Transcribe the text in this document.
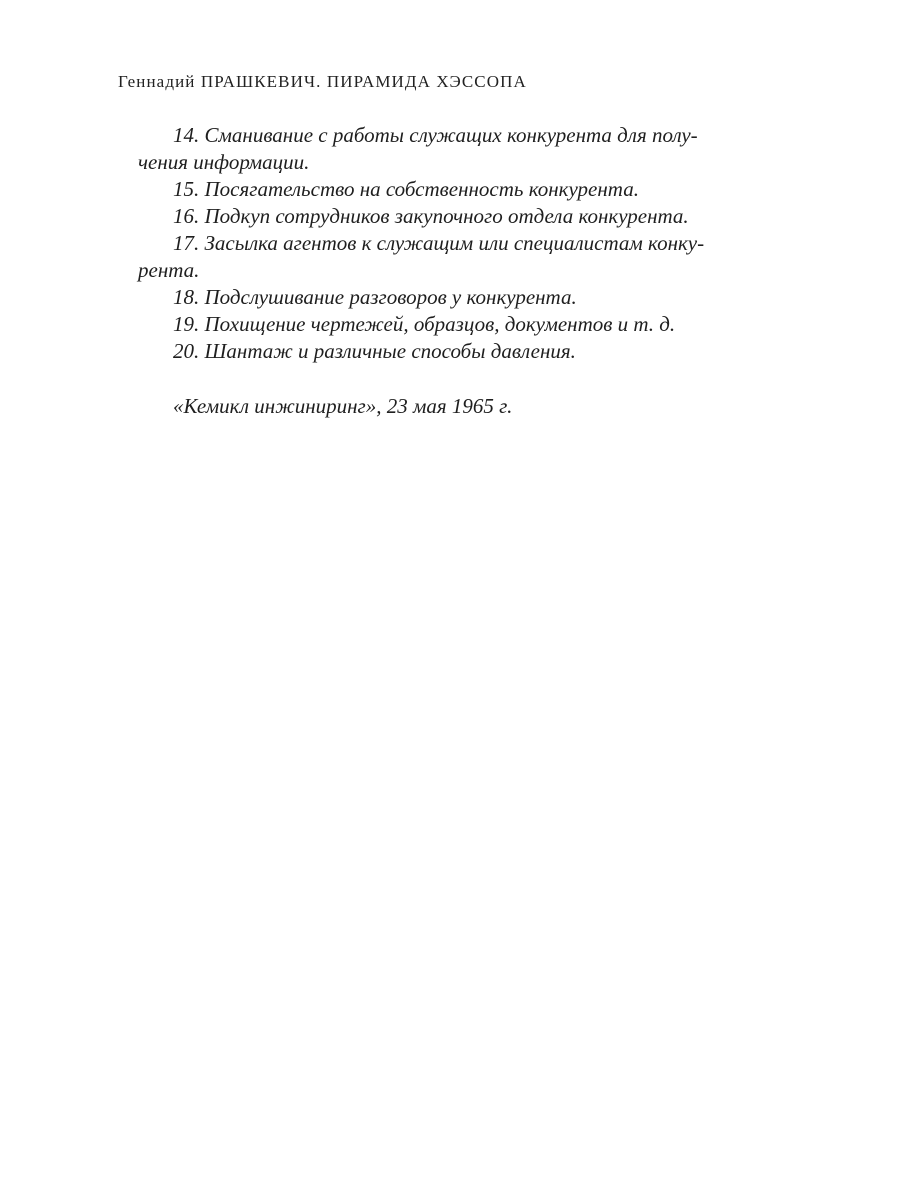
Геннадий ПРАШКЕВИЧ. ПИРАМИДА ХЭССОПА
14. Сманивание с работы служащих конкурента для полу-
чения информации.
15. Посягательство на собственность конкурента.
16. Подкуп сотрудников закупочного отдела конкурента.
17. Засылка агентов к служащим или специалистам конку-
рента.
18. Подслушивание разговоров у конкурента.
19. Похищение чертежей, образцов, документов и т. д.
20. Шантаж и различные способы давления.
«Кемикл инжиниринг», 23 мая 1965 г.
